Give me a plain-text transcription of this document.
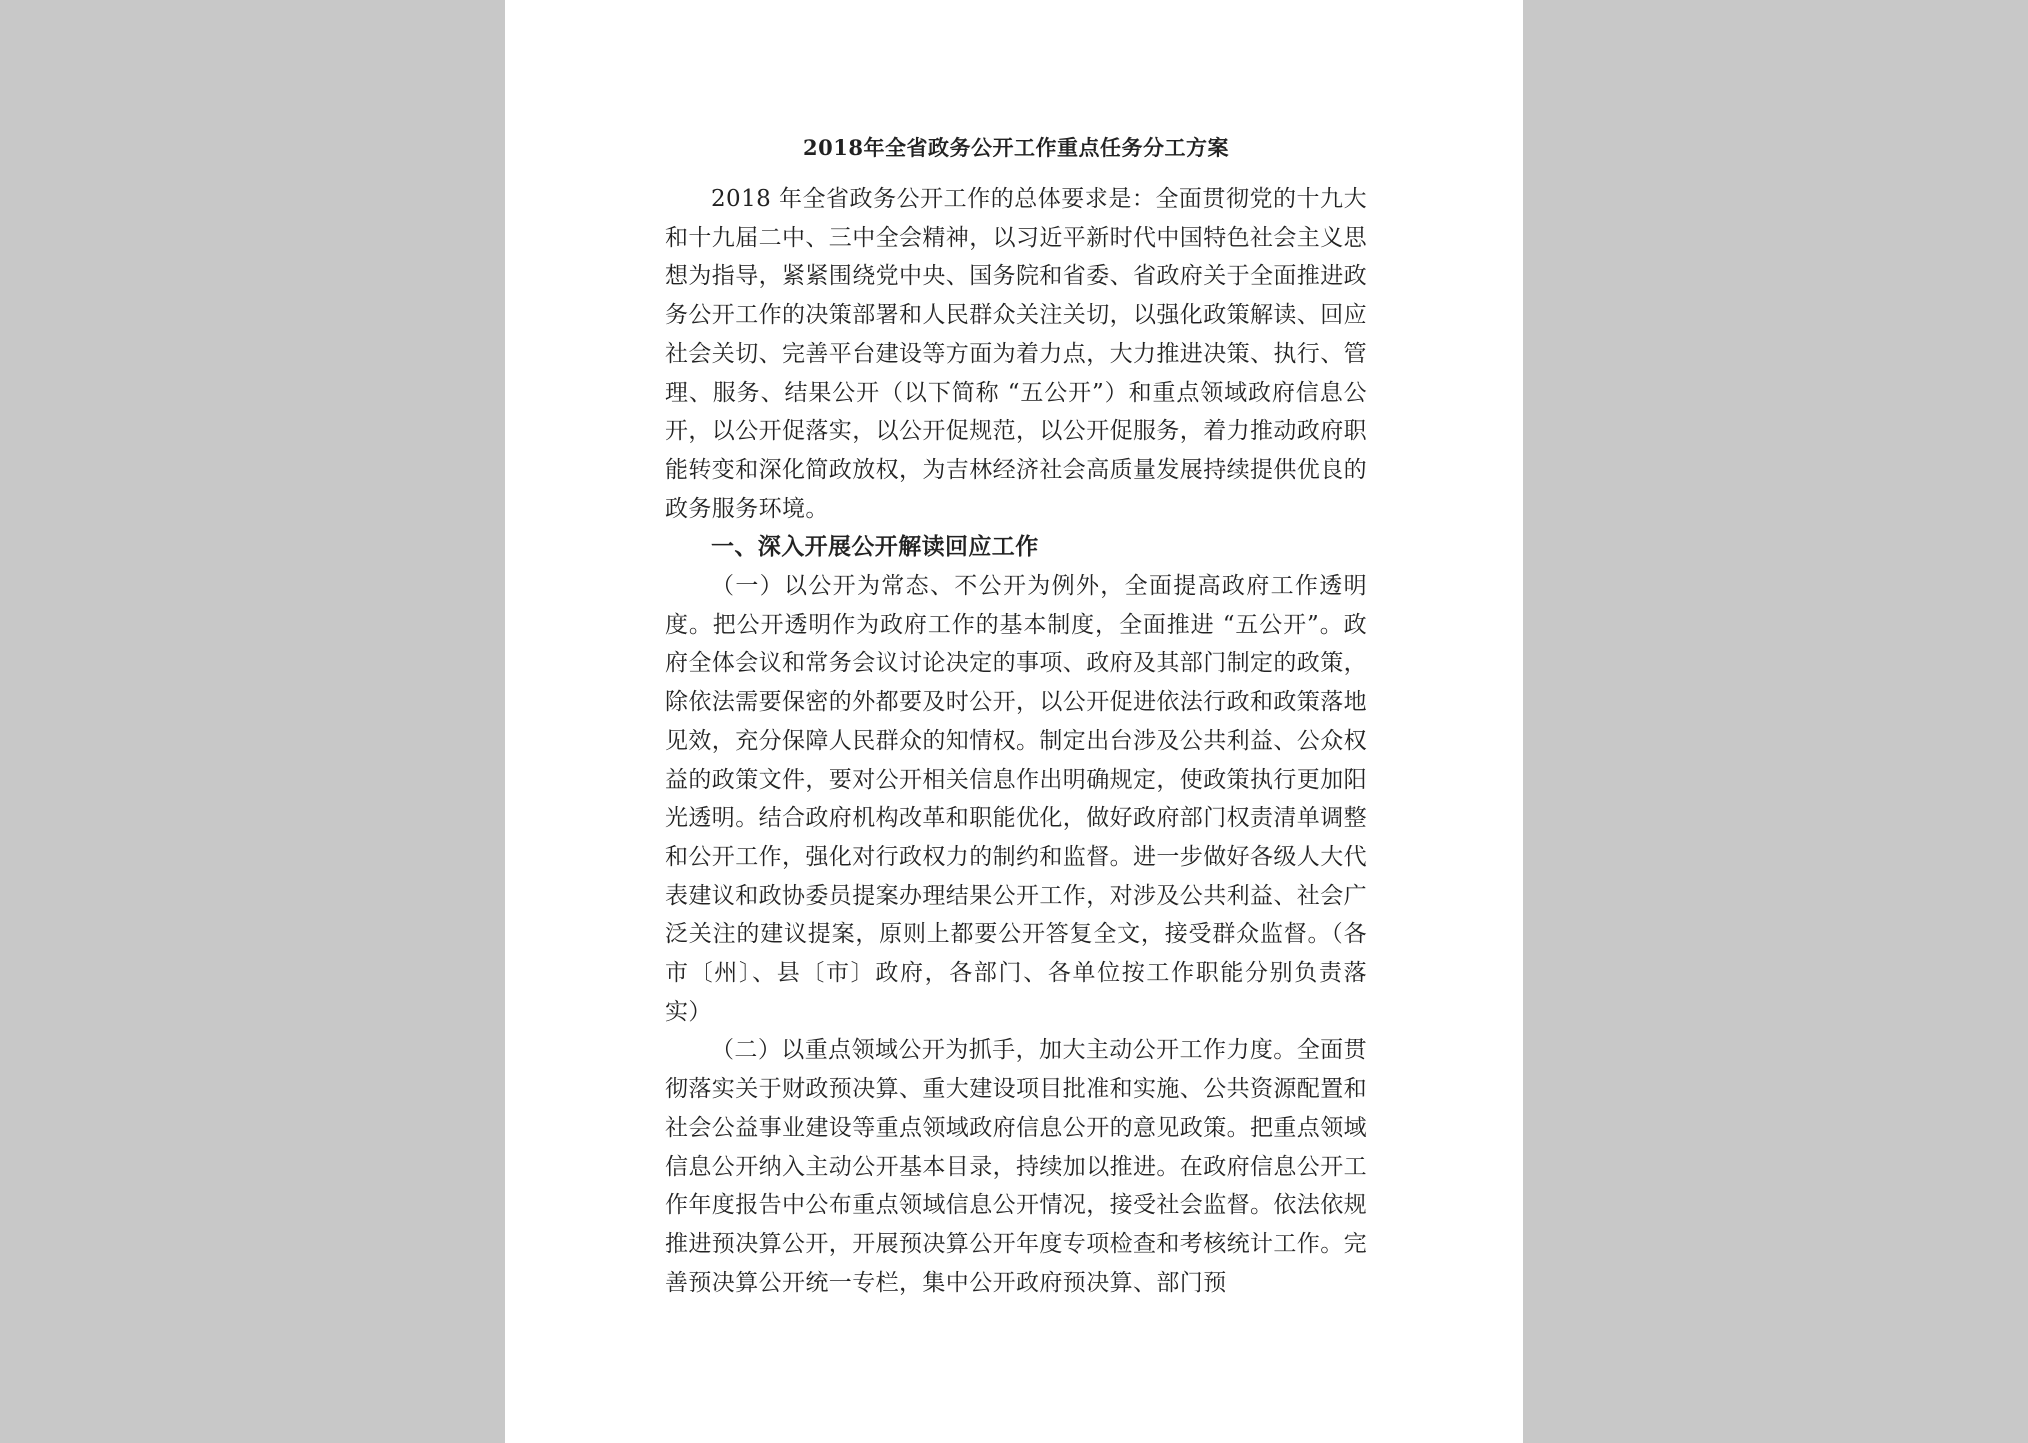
2018年全省政务公开工作重点任务分工方案

2018 年全省政务公开工作的总体要求是：全面贯彻党的十九大和十九届二中、三中全会精神，以习近平新时代中国特色社会主义思想为指导，紧紧围绕党中央、国务院和省委、省政府关于全面推进政务公开工作的决策部署和人民群众关注关切，以强化政策解读、回应社会关切、完善平台建设等方面为着力点，大力推进决策、执行、管理、服务、结果公开（以下简称 “五公开”）和重点领域政府信息公开，以公开促落实，以公开促规范，以公开促服务，着力推动政府职能转变和深化简政放权，为吉林经济社会高质量发展持续提供优良的政务服务环境。

一、深入开展公开解读回应工作

（一）以公开为常态、不公开为例外，全面提高政府工作透明度。把公开透明作为政府工作的基本制度，全面推进 “五公开”。政府全体会议和常务会议讨论决定的事项、政府及其部门制定的政策，除依法需要保密的外都要及时公开，以公开促进依法行政和政策落地见效，充分保障人民群众的知情权。制定出台涉及公共利益、公众权益的政策文件，要对公开相关信息作出明确规定，使政策执行更加阳光透明。结合政府机构改革和职能优化，做好政府部门权责清单调整和公开工作，强化对行政权力的制约和监督。进一步做好各级人大代表建议和政协委员提案办理结果公开工作，对涉及公共利益、社会广泛关注的建议提案，原则上都要公开答复全文，接受群众监督。（各市〔州〕、县〔市〕政府，各部门、各单位按工作职能分别负责落实）

（二）以重点领域公开为抓手，加大主动公开工作力度。全面贯彻落实关于财政预决算、重大建设项目批准和实施、公共资源配置和社会公益事业建设等重点领域政府信息公开的意见政策。把重点领域信息公开纳入主动公开基本目录，持续加以推进。在政府信息公开工作年度报告中公布重点领域信息公开情况，接受社会监督。依法依规推进预决算公开，开展预决算公开年度专项检查和考核统计工作。完善预决算公开统一专栏，集中公开政府预决算、部门预
